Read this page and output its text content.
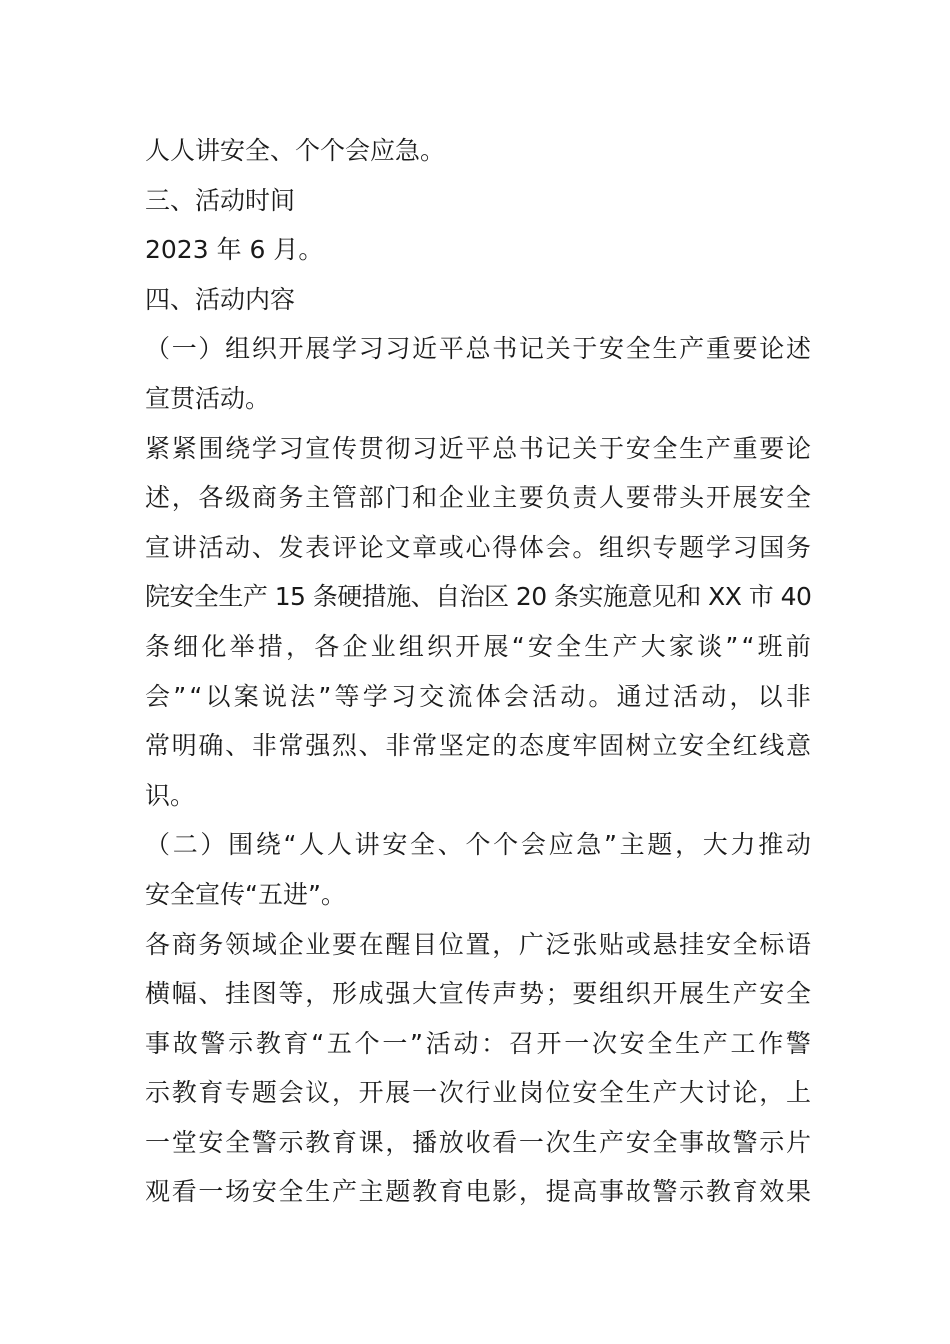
人人讲安全、个个会应急。
三、活动时间
2023 年 6 月。
四、活动内容
（一）组织开展学习习近平总书记关于安全生产重要论述
宣贯活动。
紧紧围绕学习宣传贯彻习近平总书记关于安全生产重要论
述，各级商务主管部门和企业主要负责人要带头开展安全
宣讲活动、发表评论文章或心得体会。组织专题学习国务
院安全生产 15 条硬措施、自治区 20 条实施意见和 XX 市 40
条细化举措，各企业组织开展“安全生产大家谈”“班前
会”“以案说法”等学习交流体会活动。通过活动，以非
常明确、非常强烈、非常坚定的态度牢固树立安全红线意
识。
（二）围绕“人人讲安全、个个会应急”主题，大力推动
安全宣传“五进”。
各商务领域企业要在醒目位置，广泛张贴或悬挂安全标语
横幅、挂图等，形成强大宣传声势；要组织开展生产安全
事故警示教育“五个一”活动：召开一次安全生产工作警
示教育专题会议，开展一次行业岗位安全生产大讨论，上
一堂安全警示教育课，播放收看一次生产安全事故警示片
观看一场安全生产主题教育电影，提高事故警示教育效果
